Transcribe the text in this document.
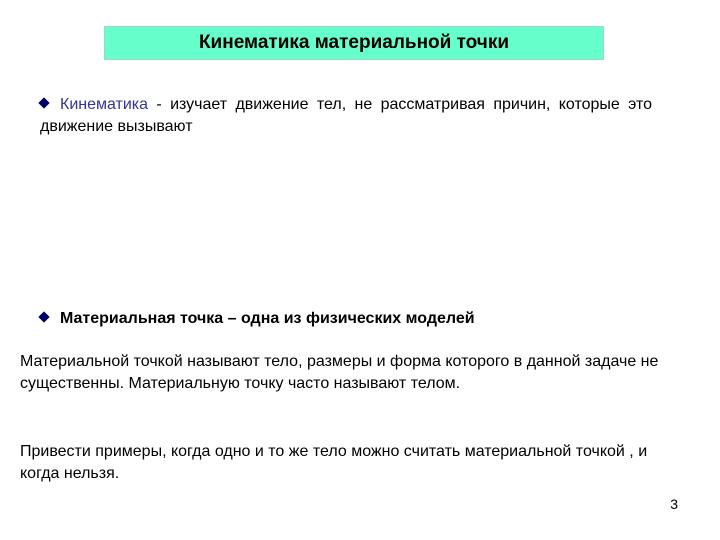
Кинематика материальной точки
Кинематика - изучает движение тел, не рассматривая причин, которые это движение вызывают
Материальная точка – одна из физических моделей
Материальной точкой называют тело, размеры и форма которого в данной задаче не существенны. Материальную точку часто называют телом.
Привести примеры, когда одно и то же тело можно считать материальной точкой , и когда нельзя.
3
